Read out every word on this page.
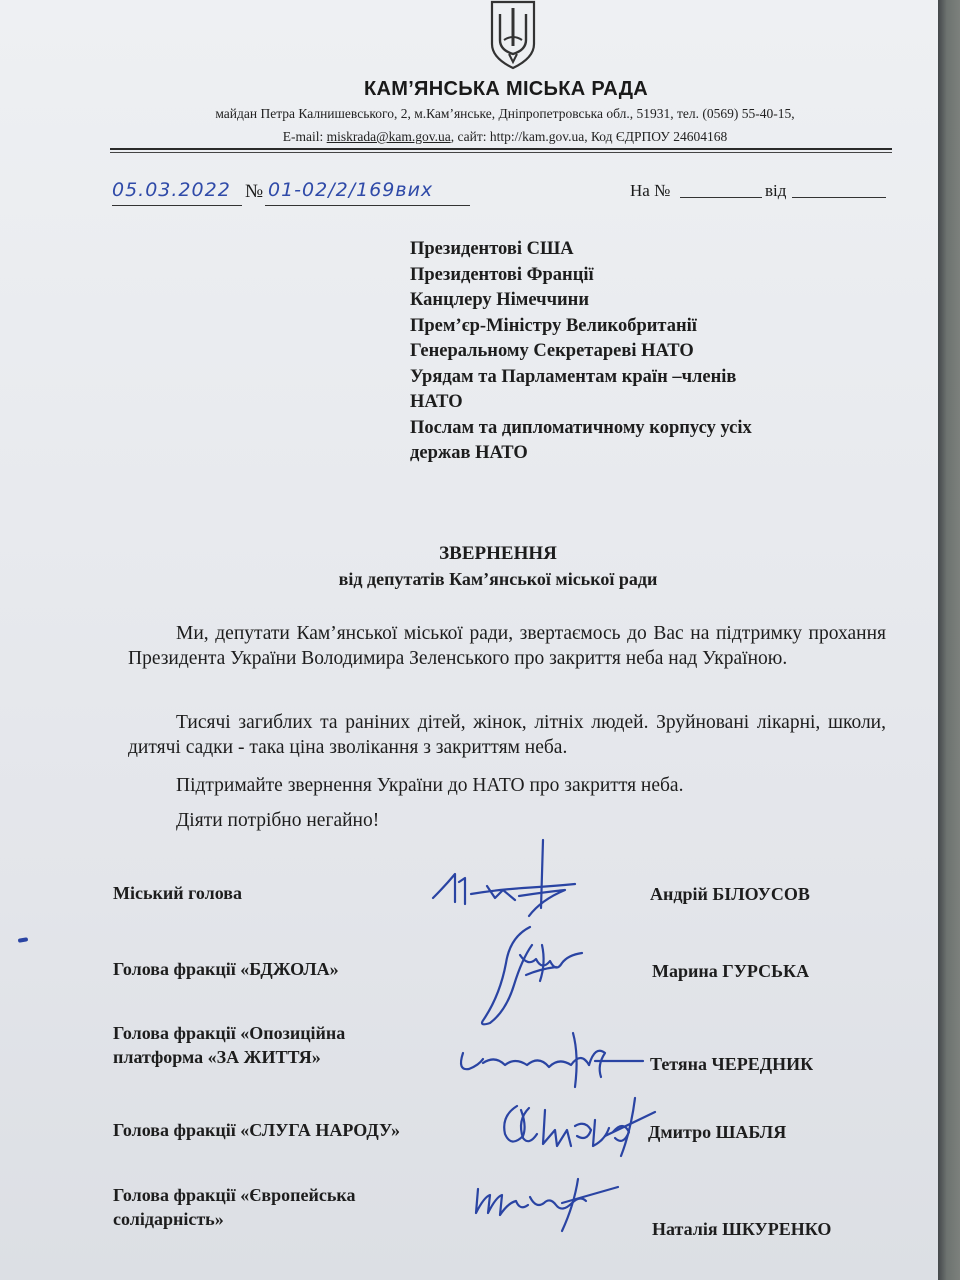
КАМ’ЯНСЬКА МІСЬКА РАДА
майдан Петра Калнишевського, 2, м.Кам’янське, Дніпропетровська обл., 51931, тел. (0569) 55-40-15,
E-mail: miskrada@kam.gov.ua, сайт: http://kam.gov.ua, Код ЄДРПОУ 24604168
05.03.2022 № 01-02/2/169вих	На №	від
Президентові США
Президентові Франції
Канцлеру Німеччини
Прем’єр-Міністру Великобританії
Генеральному Секретареві НАТО
Урядам та Парламентам країн –членів
НАТО
Послам та дипломатичному корпусу усіх
держав НАТО
ЗВЕРНЕННЯ
від депутатів Кам’янської міської ради
Ми, депутати Кам’янської міської ради, звертаємось до Вас на підтримку прохання Президента України Володимира Зеленського про закриття неба над Україною.
Тисячі загиблих та раніних дітей, жінок, літніх людей. Зруйновані лікарні, школи, дитячі садки - така ціна зволікання з закриттям неба.
Підтримайте звернення України до НАТО про закриття неба.
Діяти потрібно негайно!
Міський голова	Андрій БІЛОУСОВ
Голова фракції «БДЖОЛА»	Марина ГУРСЬКА
Голова фракції «Опозиційна
платформа «ЗА ЖИТТЯ»	Тетяна ЧЕРЕДНИК
Голова фракції «СЛУГА НАРОДУ»	Дмитро ШАБЛЯ
Голова фракції «Європейська
солідарність»	Наталія ШКУРЕНКО
